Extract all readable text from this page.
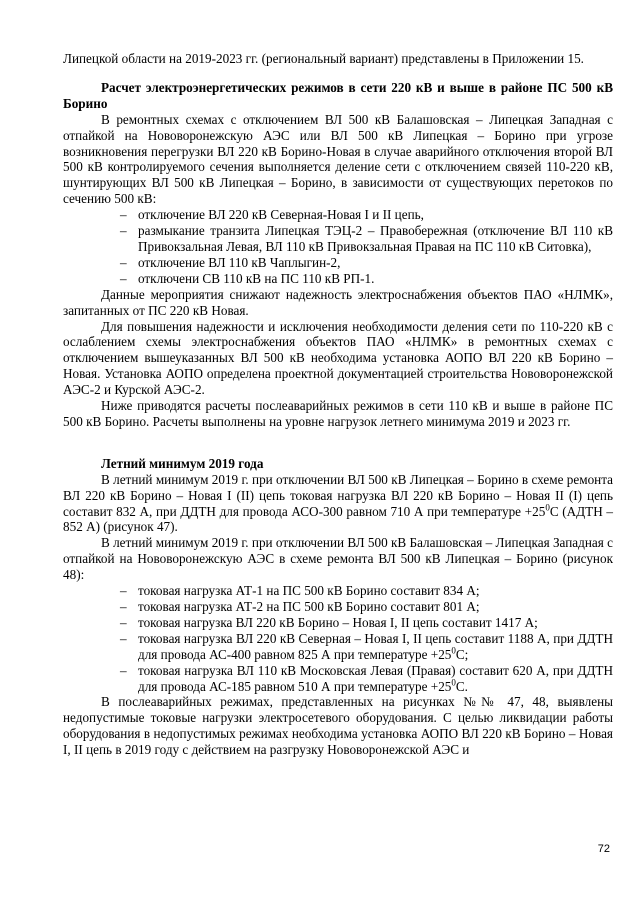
Липецкой области на 2019-2023 гг. (региональный вариант) представлены в Приложении 15.

Расчет электроэнергетических режимов в сети 220 кВ и выше в районе ПС 500 кВ Борино

В ремонтных схемах с отключением ВЛ 500 кВ Балашовская – Липецкая Западная с отпайкой на Нововоронежскую АЭС или ВЛ 500 кВ Липецкая – Борино при угрозе возникновения перегрузки ВЛ 220 кВ Борино-Новая в случае аварийного отключения второй ВЛ 500 кВ контролируемого сечения выполняется деление сети с отключением связей 110-220 кВ, шунтирующих ВЛ 500 кВ Липецкая – Борино, в зависимости от существующих перетоков по сечению 500 кВ:

– отключение ВЛ 220 кВ Северная-Новая I и II цепь,
– размыкание транзита Липецкая ТЭЦ-2 – Правобережная (отключение ВЛ 110 кВ Привокзальная Левая, ВЛ 110 кВ Привокзальная Правая на ПС 110 кВ Ситовка),
– отключение ВЛ 110 кВ Чаплыгин-2,
– отключени СВ 110 кВ на ПС 110 кВ РП-1.

Данные мероприятия снижают надежность электроснабжения объектов ПАО «НЛМК», запитанных от ПС 220 кВ Новая.

Для повышения надежности и исключения необходимости деления сети по 110-220 кВ с ослаблением схемы электроснабжения объектов ПАО «НЛМК» в ремонтных схемах с отключением вышеуказанных ВЛ 500 кВ необходима установка АОПО ВЛ 220 кВ Борино – Новая. Установка АОПО определена проектной документацией строительства Нововоронежской АЭС-2 и Курской АЭС-2.

Ниже приводятся расчеты послеаварийных режимов в сети 110 кВ и выше в районе ПС 500 кВ Борино. Расчеты выполнены на уровне нагрузок летнего минимума 2019 и 2023 гг.

Летний минимум 2019 года

В летний минимум 2019 г. при отключении ВЛ 500 кВ Липецкая – Борино в схеме ремонта ВЛ 220 кВ Борино – Новая I (II) цепь токовая нагрузка ВЛ 220 кВ Борино – Новая II (I) цепь составит 832 А, при ДДТН для провода АСО-300 равном 710 А при температуре $+25^0С$ (АДТН – 852 А) (рисунок 47).

В летний минимум 2019 г. при отключении ВЛ 500 кВ Балашовская – Липецкая Западная с отпайкой на Нововоронежскую АЭС в схеме ремонта ВЛ 500 кВ Липецкая – Борино (рисунок 48):

– токовая нагрузка АТ-1 на ПС 500 кВ Борино составит 834 А;
– токовая нагрузка АТ-2 на ПС 500 кВ Борино составит 801 А;
– токовая нагрузка ВЛ 220 кВ Борино – Новая I, II цепь составит 1417 А;
– токовая нагрузка ВЛ 220 кВ Северная – Новая I, II цепь составит 1188 А, при ДДТН для провода АС-400 равном 825 А при температуре $+25^0С$;
– токовая нагрузка ВЛ 110 кВ Московская Левая (Правая) составит 620 А, при ДДТН для провода АС-185 равном 510 А при температуре $+25^0С$.

В послеаварийных режимах, представленных на рисунках №№ 47, 48, выявлены недопустимые токовые нагрузки электросетевого оборудования. С целью ликвидации работы оборудования в недопустимых режимах необходима установка АОПО ВЛ 220 кВ Борино – Новая I, II цепь в 2019 году с действием на разгрузку Нововоронежской АЭС и

72
